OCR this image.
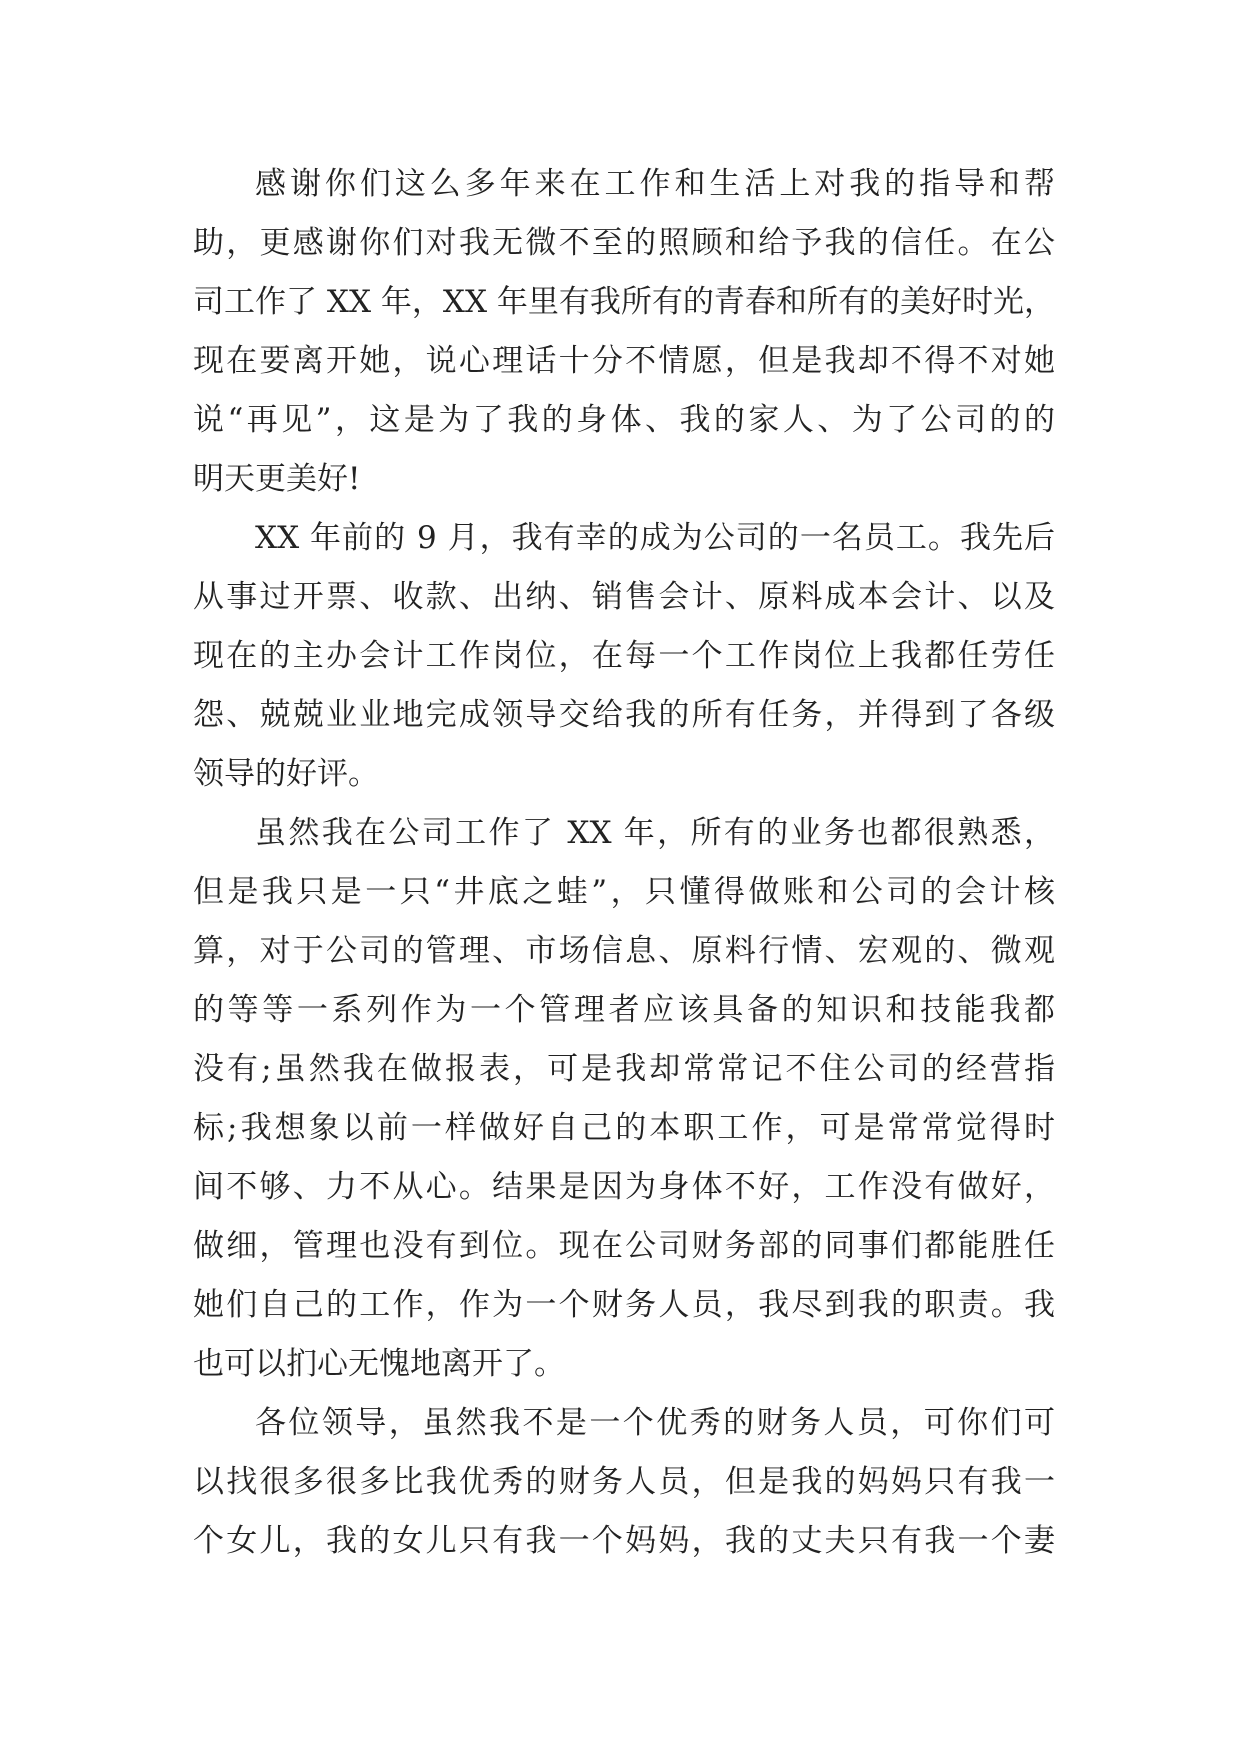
感谢你们这么多年来在工作和生活上对我的指导和帮
助，更感谢你们对我无微不至的照顾和给予我的信任。在公
司工作了 XX 年，XX 年里有我所有的青春和所有的美好时光，
现在要离开她，说心理话十分不情愿，但是我却不得不对她
说“再见”，这是为了我的身体、我的家人、为了公司的的
明天更美好!
XX 年前的 9 月，我有幸的成为公司的一名员工。我先后
从事过开票、收款、出纳、销售会计、原料成本会计、以及
现在的主办会计工作岗位，在每一个工作岗位上我都任劳任
怨、兢兢业业地完成领导交给我的所有任务，并得到了各级
领导的好评。
虽然我在公司工作了 XX 年，所有的业务也都很熟悉，
但是我只是一只“井底之蛙”，只懂得做账和公司的会计核
算，对于公司的管理、市场信息、原料行情、宏观的、微观
的等等一系列作为一个管理者应该具备的知识和技能我都
没有;虽然我在做报表，可是我却常常记不住公司的经营指
标;我想象以前一样做好自己的本职工作，可是常常觉得时
间不够、力不从心。结果是因为身体不好，工作没有做好，
做细，管理也没有到位。现在公司财务部的同事们都能胜任
她们自己的工作，作为一个财务人员，我尽到我的职责。我
也可以扪心无愧地离开了。
各位领导，虽然我不是一个优秀的财务人员，可你们可
以找很多很多比我优秀的财务人员，但是我的妈妈只有我一
个女儿，我的女儿只有我一个妈妈，我的丈夫只有我一个妻
